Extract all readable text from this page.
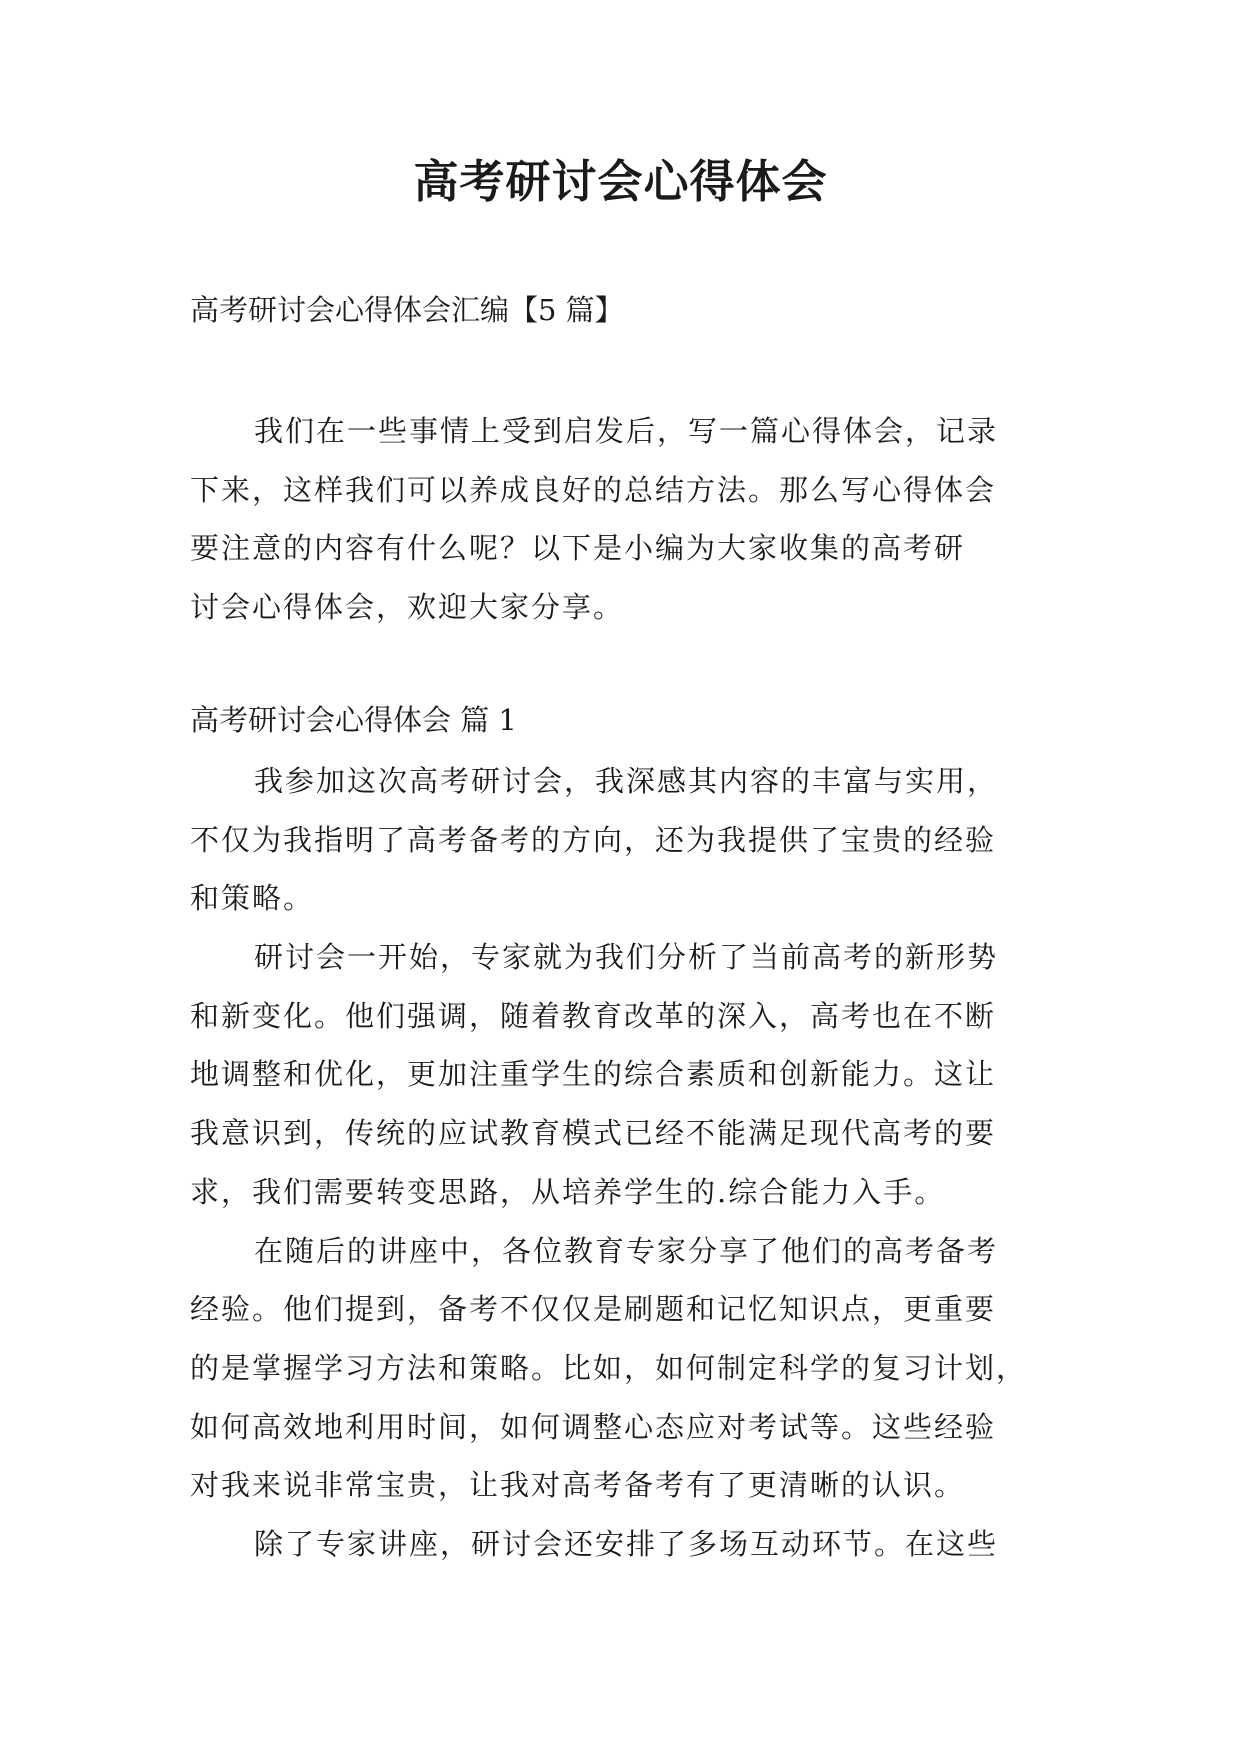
高考研讨会心得体会
高考研讨会心得体会汇编【5 篇】
我们在一些事情上受到启发后，写一篇心得体会，记录
下来，这样我们可以养成良好的总结方法。那么写心得体会
要注意的内容有什么呢？以下是小编为大家收集的高考研
讨会心得体会，欢迎大家分享。
高考研讨会心得体会 篇 1

我参加这次高考研讨会，我深感其内容的丰富与实用，
不仅为我指明了高考备考的方向，还为我提供了宝贵的经验
和策略。

研讨会一开始，专家就为我们分析了当前高考的新形势
和新变化。他们强调，随着教育改革的深入，高考也在不断
地调整和优化，更加注重学生的综合素质和创新能力。这让
我意识到，传统的应试教育模式已经不能满足现代高考的要
求，我们需要转变思路，从培养学生的.综合能力入手。

在随后的讲座中，各位教育专家分享了他们的高考备考
经验。他们提到，备考不仅仅是刷题和记忆知识点，更重要
的是掌握学习方法和策略。比如，如何制定科学的复习计划，
如何高效地利用时间，如何调整心态应对考试等。这些经验
对我来说非常宝贵，让我对高考备考有了更清晰的认识。

除了专家讲座，研讨会还安排了多场互动环节。在这些
